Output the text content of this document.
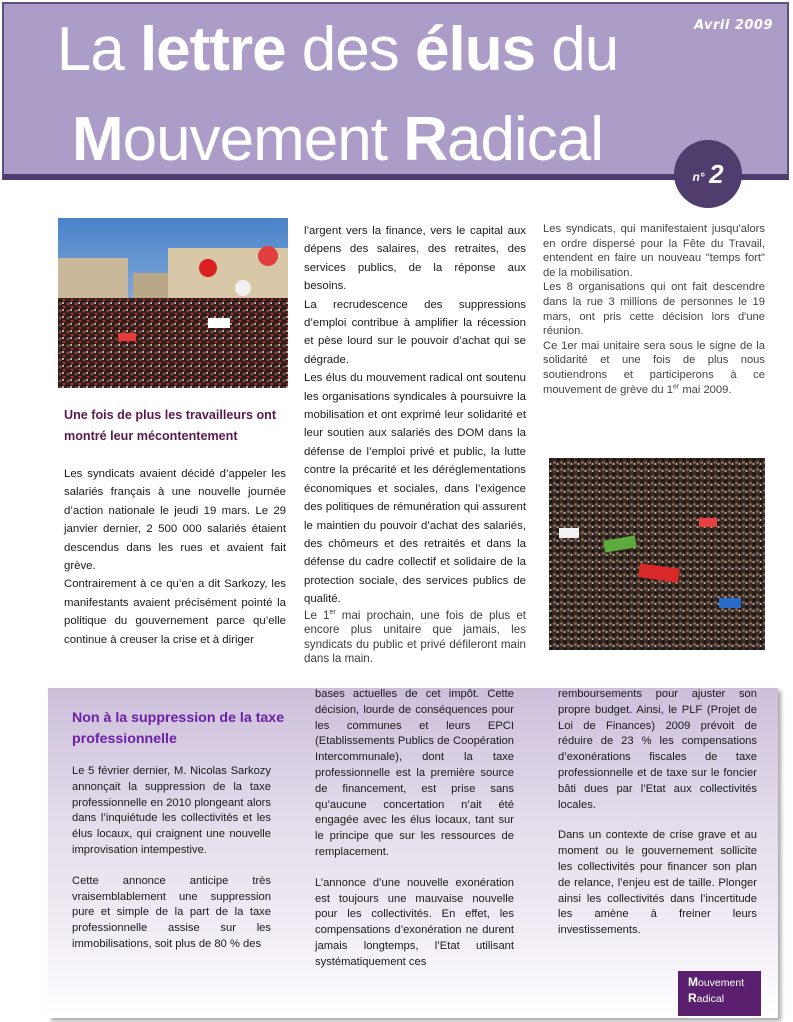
Avril 2009
La lettre des élus du
Mouvement Radical
n° 2
Une fois de plus les travailleurs ont montré leur mécontentement

Les syndicats avaient décidé d’appeler les salariés français à une nouvelle journée d’action nationale le jeudi 19 mars. Le 29 janvier dernier, 2 500 000 salariés étaient descendus dans les rues et avaient fait grève.

Contrairement à ce qu’en a dit Sarkozy, les manifestants avaient précisément pointé la politique du gouvernement parce qu’elle continue à creuser la crise et à diriger

l’argent vers la finance, vers le capital aux dépens des salaires, des retraites, des services publics, de la réponse aux besoins.

La recrudescence des suppressions d’emploi contribue à amplifier la récession et pèse lourd sur le pouvoir d’achat qui se dégrade.

Les élus du mouvement radical ont soutenu les organisations syndicales à poursuivre la mobilisation et ont exprimé leur solidarité et leur soutien aux salariés des DOM dans la défense de l’emploi privé et public, la lutte contre la précarité et les déréglementations économiques et sociales, dans l’exigence des politiques de rémunération qui assurent le maintien du pouvoir d’achat des salariés, des chômeurs et des retraités et dans la défense du cadre collectif et solidaire de la protection sociale, des services publics de qualité.

Le 1er mai prochain, une fois de plus et encore plus unitaire que jamais, les syndicats du public et privé défileront main dans la main.

Les syndicats, qui manifestaient jusqu'alors en ordre dispersé pour la Fête du Travail, entendent en faire un nouveau "temps fort" de la mobilisation.

Les 8 organisations qui ont fait descendre dans la rue 3 millions de personnes le 19 mars, ont pris cette décision lors d'une réunion.

Ce 1er mai unitaire sera sous le signe de la solidarité et une fois de plus nous soutiendrons et participerons à ce mouvement de grève du 1er mai 2009.

Non à la suppression de la taxe professionnelle

Le 5 février dernier, M. Nicolas Sarkozy annonçait la suppression de la taxe professionnelle en 2010 plongeant alors dans l’inquiétude les collectivités et les élus locaux, qui craignent une nouvelle improvisation intempestive.

Cette annonce anticipe très vraisemblablement une suppression pure et simple de la part de la taxe professionnelle assise sur les immobilisations, soit plus de 80 % des

bases actuelles de cet impôt. Cette décision, lourde de conséquences pour les communes et leurs EPCI (Etablissements Publics de Coopération Intercommunale), dont la taxe professionnelle est la première source de financement, est prise sans qu’aucune concertation n’ait été engagée avec les élus locaux, tant sur le principe que sur les ressources de remplacement.

L’annonce d’une nouvelle exonération est toujours une mauvaise nouvelle pour les collectivités. En effet, les compensations d’exonération ne durent jamais longtemps, l’Etat utilisant systématiquement ces

remboursements pour ajuster son propre budget. Ainsi, le PLF (Projet de Loi de Finances) 2009 prévoit de réduire de 23 % les compensations d’exonérations fiscales de taxe professionnelle et de taxe sur le foncier bâti dues par l’Etat aux collectivités locales.

Dans un contexte de crise grave et au moment ou le gouvernement sollicite les collectivités pour financer son plan de relance, l’enjeu est de taille. Plonger ainsi les collectivités dans l’incertitude les amène à freiner leurs investissements.

Mouvement
Radical
